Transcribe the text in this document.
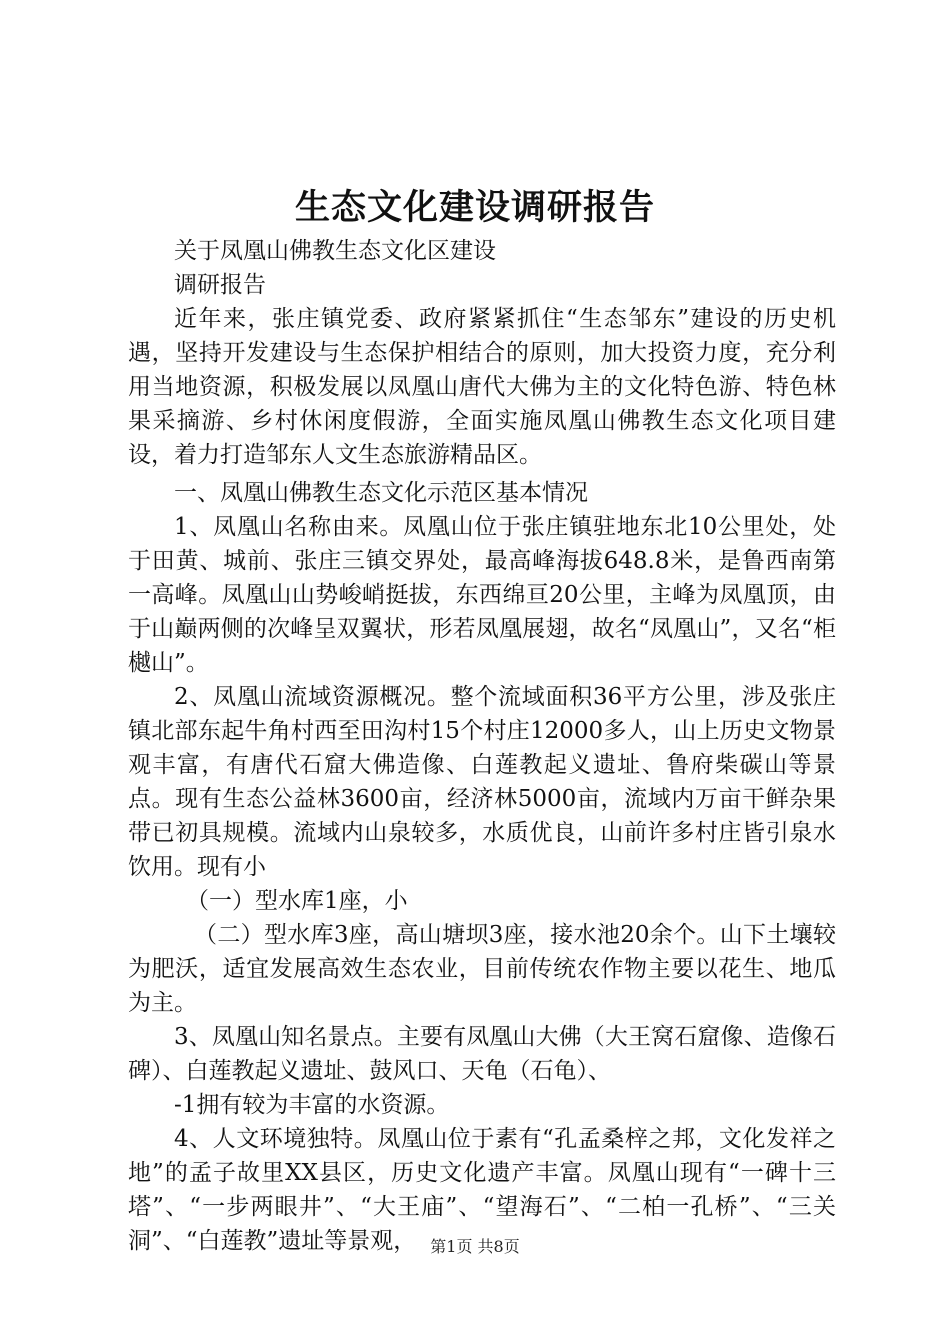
生态文化建设调研报告

关于凤凰山佛教生态文化区建设

调研报告

近年来，张庄镇党委、政府紧紧抓住“生态邹东”建设的历史机遇，坚持开发建设与生态保护相结合的原则，加大投资力度，充分利用当地资源，积极发展以凤凰山唐代大佛为主的文化特色游、特色林果采摘游、乡村休闲度假游，全面实施凤凰山佛教生态文化项目建设，着力打造邹东人文生态旅游精品区。

一、凤凰山佛教生态文化示范区基本情况

1、凤凰山名称由来。凤凰山位于张庄镇驻地东北10公里处，处于田黄、城前、张庄三镇交界处，最高峰海拔648.8米，是鲁西南第一高峰。凤凰山山势峻峭挺拔，东西绵亘20公里，主峰为凤凰顶，由于山巅两侧的次峰呈双翼状，形若凤凰展翅，故名“凤凰山”，又名“柜樾山”。

2、凤凰山流域资源概况。整个流域面积36平方公里，涉及张庄镇北部东起牛角村西至田沟村15个村庄12000多人，山上历史文物景观丰富，有唐代石窟大佛造像、白莲教起义遗址、鲁府柴碳山等景点。现有生态公益林3600亩，经济林5000亩，流域内万亩干鲜杂果带已初具规模。流域内山泉较多，水质优良，山前许多村庄皆引泉水饮用。现有小

（一）型水库1座，小

（二）型水库3座，高山塘坝3座，接水池20余个。山下土壤较为肥沃，适宜发展高效生态农业，目前传统农作物主要以花生、地瓜为主。

3、凤凰山知名景点。主要有凤凰山大佛（大王窝石窟像、造像石碑）、白莲教起义遗址、鼓风口、天龟（石龟）、

-1拥有较为丰富的水资源。

4、人文环境独特。凤凰山位于素有“孔孟桑梓之邦，文化发祥之地”的孟子故里XX县区，历史文化遗产丰富。凤凰山现有“一碑十三塔”、“一步两眼井”、“大王庙”、“望海石”、“二柏一孔桥”、“三关洞”、“白莲教”遗址等景观， 第1页 共8页
